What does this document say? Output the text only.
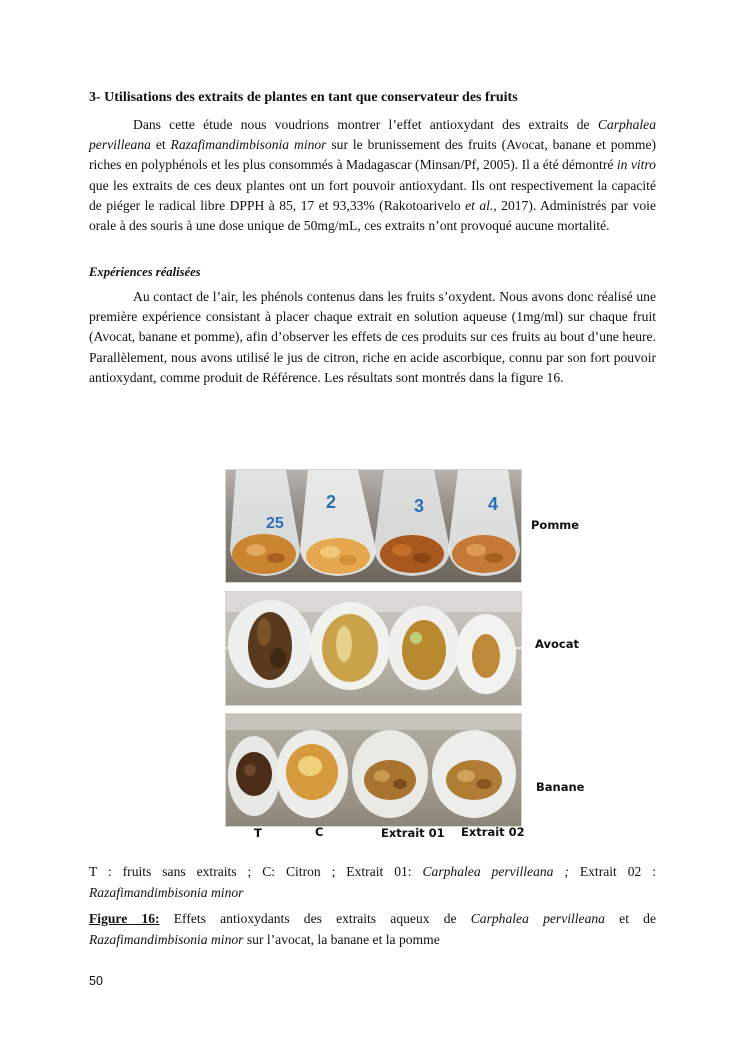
3- Utilisations des extraits de plantes en tant que conservateur des fruits

Dans cette étude nous voudrions montrer l’effet antioxydant des extraits de Carphalea pervilleana et Razafimandimbisonia minor sur le brunissement des fruits (Avocat, banane et pomme) riches en polyphénols et les plus consommés à Madagascar (Minsan/Pf, 2005). Il a été démontré in vitro que les extraits de ces deux plantes ont un fort pouvoir antioxydant. Ils ont respectivement la capacité de piéger le radical libre DPPH à 85, 17 et 93,33% (Rakotoarivelo et al., 2017). Administrés par voie orale à des souris à une dose unique de 50mg/mL, ces extraits n’ont provoqué aucune mortalité.

Expériences réalisées

Au contact de l’air, les phénols contenus dans les fruits s’oxydent. Nous avons donc réalisé une première expérience consistant à placer chaque extrait en solution aqueuse (1mg/ml) sur chaque fruit (Avocat, banane et pomme), afin d’observer les effets de ces produits sur ces fruits au bout d’une heure. Parallèlement, nous avons utilisé le jus de citron, riche en acide ascorbique, connu par son fort pouvoir antioxydant, comme produit de Référence. Les résultats sont montrés dans la figure 16.

25
2	3	4
Pomme
Avocat
Banane
T	C	Extrait 01 Extrait 02

T : fruits sans extraits ; C: Citron ; Extrait 01: Carphalea pervilleana ; Extrait 02 : Razafimandimbisonia minor

Figure 16: Effets antioxydants des extraits aqueux de Carphalea pervilleana et de Razafimandimbisonia minor sur l’avocat, la banane et la pomme

50
